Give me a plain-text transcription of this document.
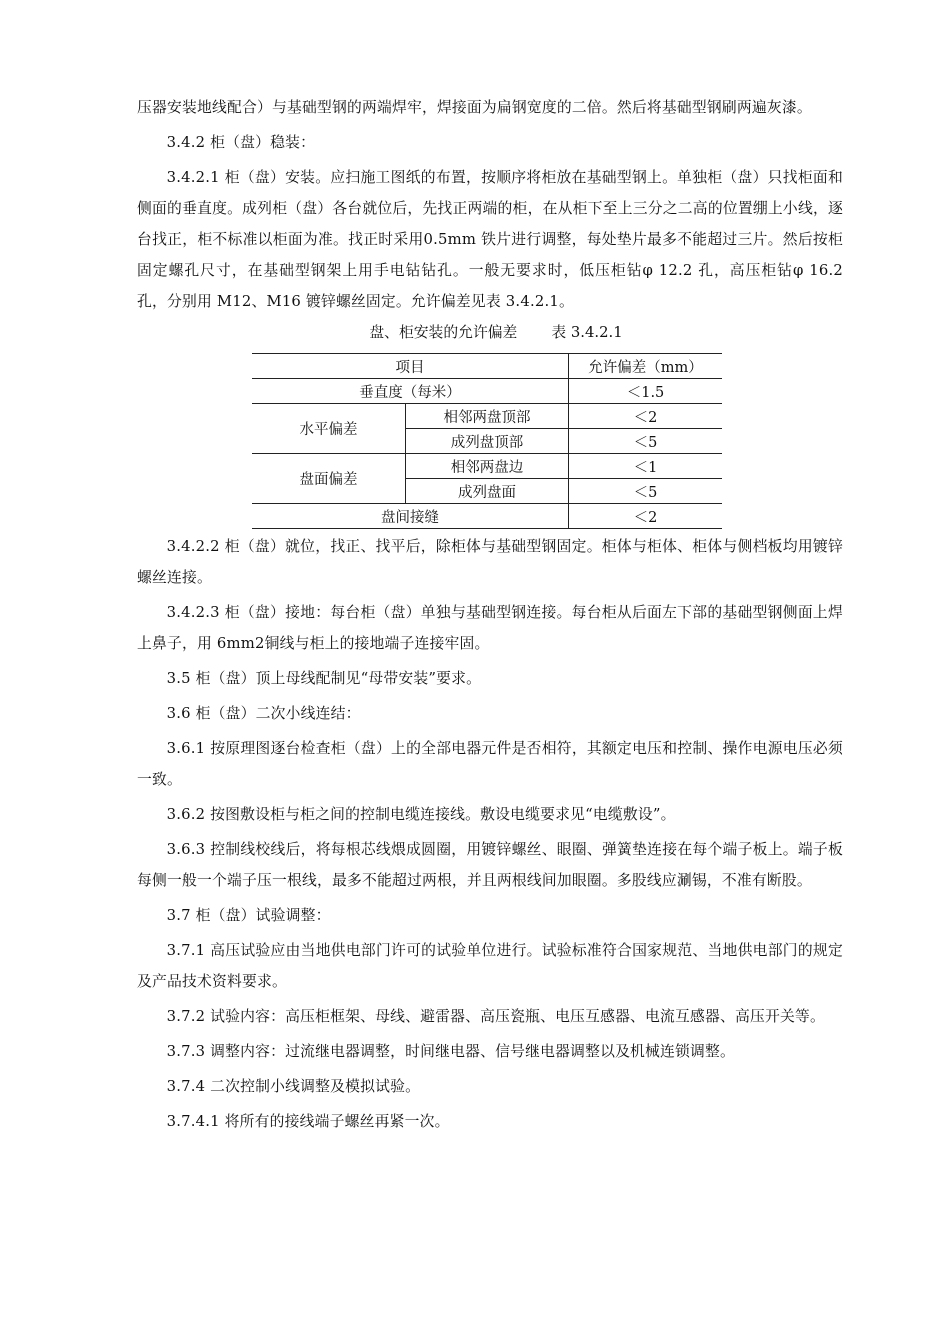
压器安装地线配合）与基础型钢的两端焊牢，焊接面为扁钢宽度的二倍。然后将基础型钢刷两遍灰漆。

3.4.2 柜（盘）稳装：

3.4.2.1 柜（盘）安装。应扫施工图纸的布置，按顺序将柜放在基础型钢上。单独柜（盘）只找柜面和侧面的垂直度。成列柜（盘）各台就位后，先找正两端的柜，在从柜下至上三分之二高的位置绷上小线，逐台找正，柜不标准以柜面为准。找正时采用0.5mm 铁片进行调整，每处垫片最多不能超过三片。然后按柜固定螺孔尺寸，在基础型钢架上用手电钻钻孔。一般无要求时，低压柜钻φ 12.2 孔，高压柜钻φ 16.2 孔，分别用 M12、M16 镀锌螺丝固定。允许偏差见表 3.4.2.1。

盘、柜安装的允许偏差 表 3.4.2.1
项目		允许偏差（mm）
垂直度（每米）		＜1.5
水平偏差	相邻两盘顶部	＜2
	成列盘顶部	＜5
盘面偏差	相邻两盘边	＜1
	成列盘面	＜5
盘间接缝		＜2

3.4.2.2 柜（盘）就位，找正、找平后，除柜体与基础型钢固定。柜体与柜体、柜体与侧档板均用镀锌螺丝连接。

3.4.2.3 柜（盘）接地：每台柜（盘）单独与基础型钢连接。每台柜从后面左下部的基础型钢侧面上焊上鼻子，用 6mm2铜线与柜上的接地端子连接牢固。

3.5 柜（盘）顶上母线配制见“母带安装”要求。

3.6 柜（盘）二次小线连结：

3.6.1 按原理图逐台检查柜（盘）上的全部电器元件是否相符，其额定电压和控制、操作电源电压必须一致。

3.6.2 按图敷设柜与柜之间的控制电缆连接线。敷设电缆要求见“电缆敷设”。

3.6.3 控制线校线后，将每根芯线煨成圆圈，用镀锌螺丝、眼圈、弹簧垫连接在每个端子板上。端子板每侧一般一个端子压一根线，最多不能超过两根，并且两根线间加眼圈。多股线应涮锡，不准有断股。

3.7 柜（盘）试验调整：

3.7.1 高压试验应由当地供电部门许可的试验单位进行。试验标准符合国家规范、当地供电部门的规定及产品技术资料要求。

3.7.2 试验内容：高压柜框架、母线、避雷器、高压瓷瓶、电压互感器、电流互感器、高压开关等。

3.7.3 调整内容：过流继电器调整，时间继电器、信号继电器调整以及机械连锁调整。

3.7.4 二次控制小线调整及模拟试验。

3.7.4.1 将所有的接线端子螺丝再紧一次。
